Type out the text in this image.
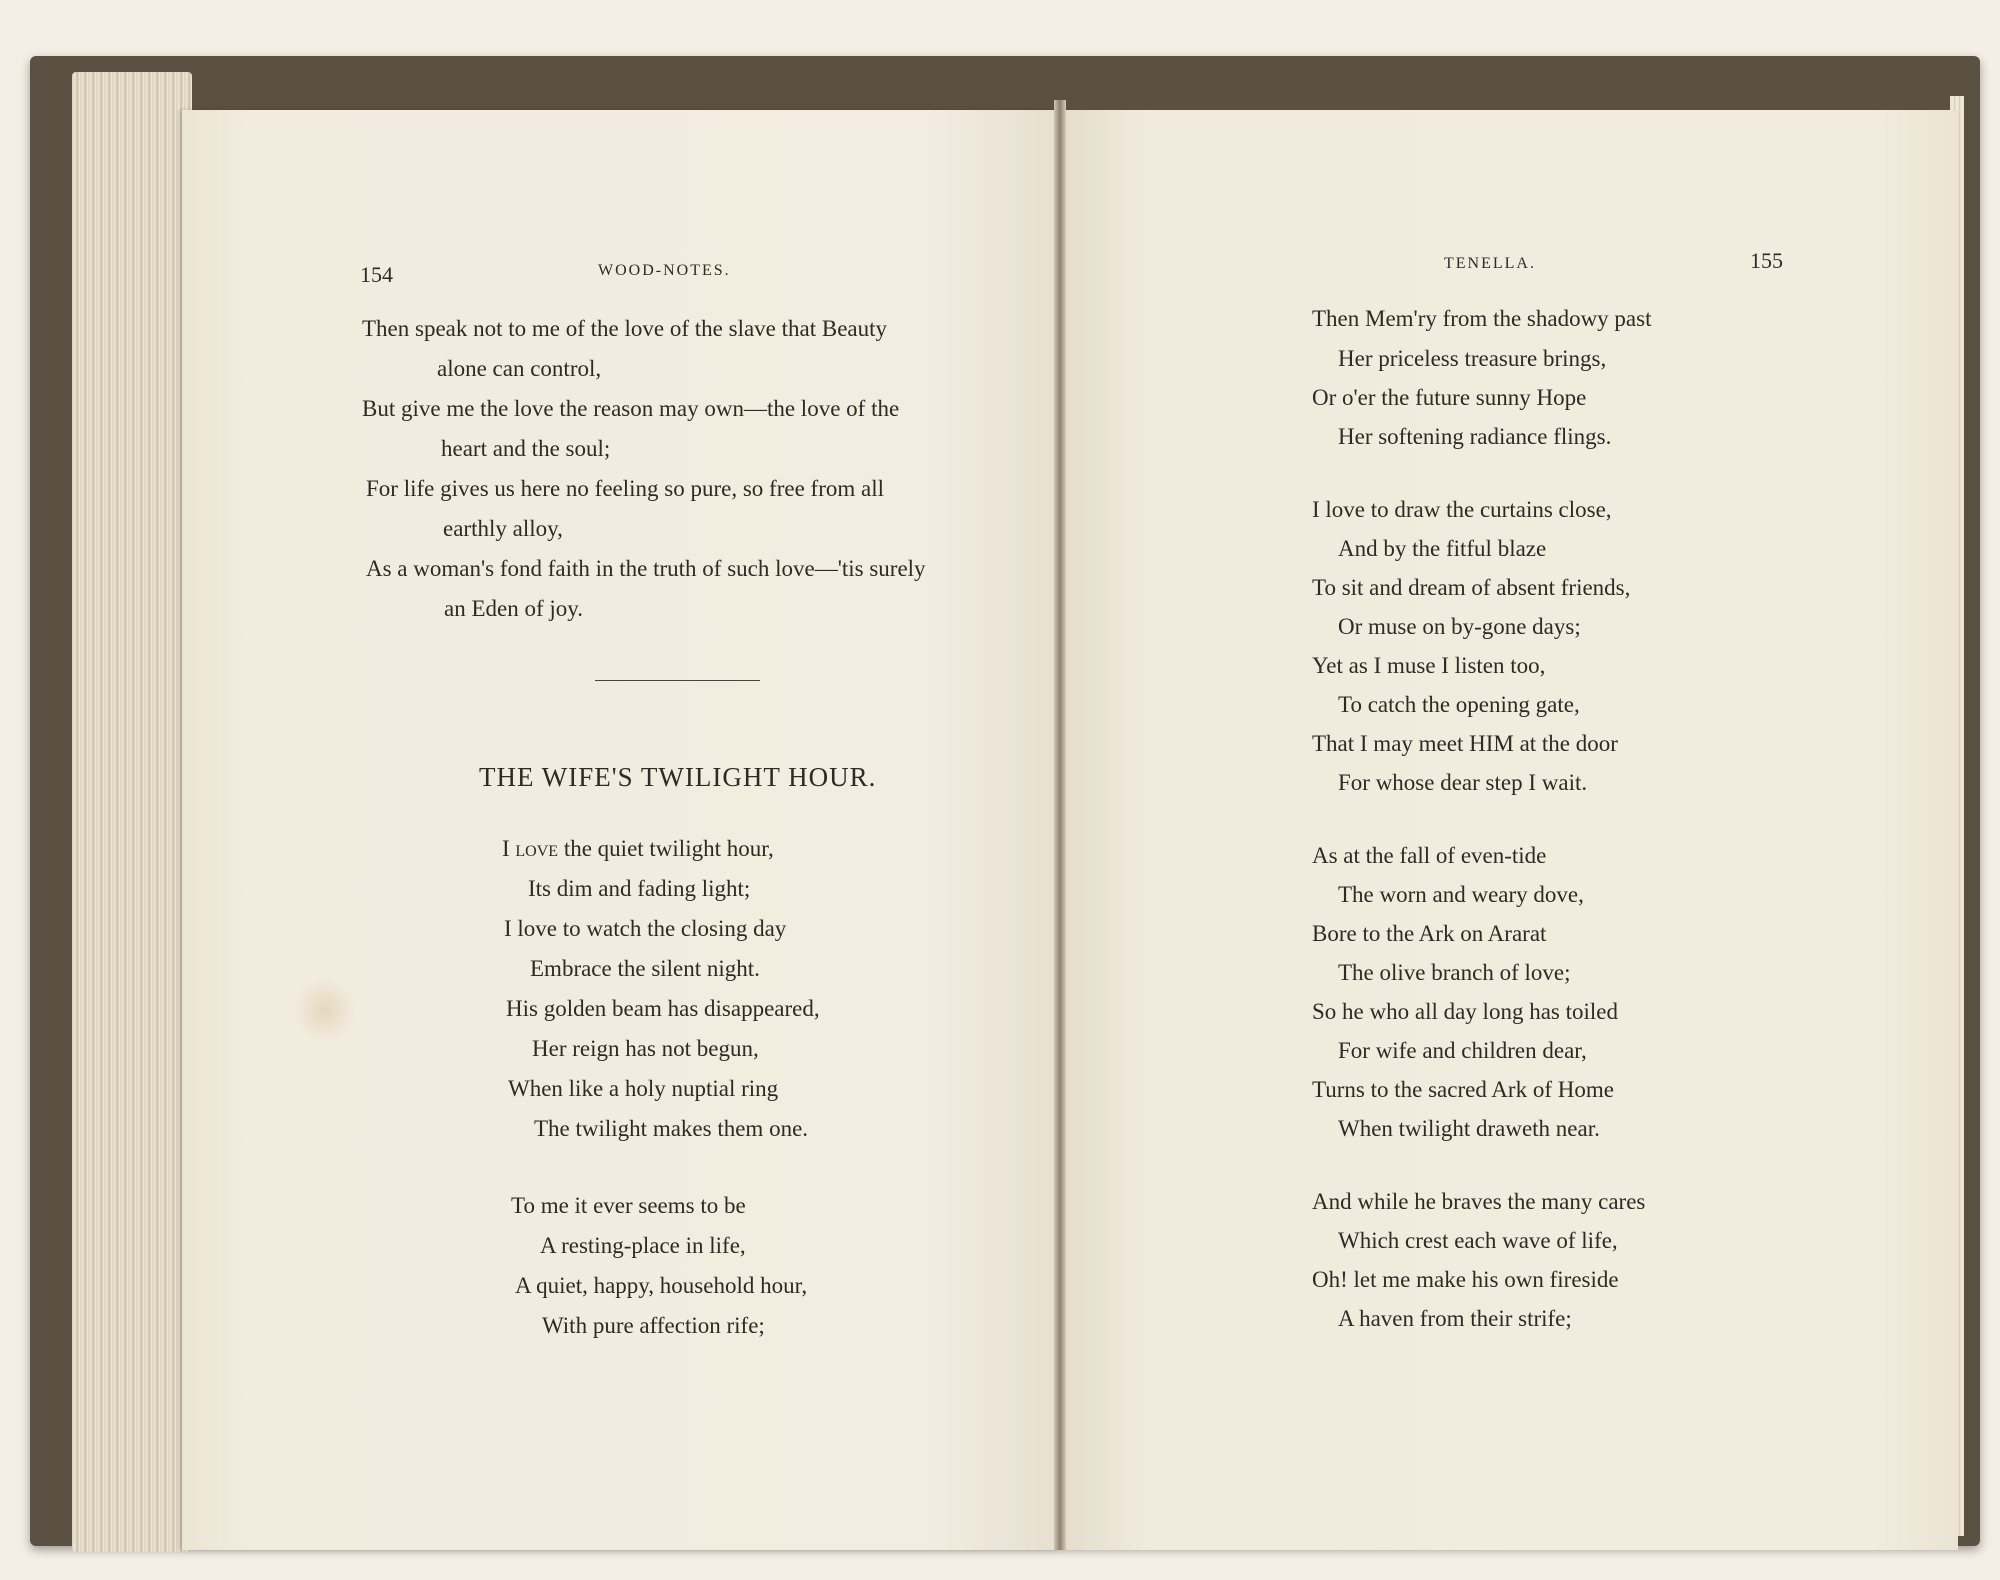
154	WOOD-NOTES.
Then speak not to me of the love of the slave that Beauty
alone can control,
But give me the love the reason may own—the love of the
heart and the soul;
For life gives us here no feeling so pure, so free from all
earthly alloy,
As a woman's fond faith in the truth of such love—'tis surely
an Eden of joy.
THE WIFE'S TWILIGHT HOUR.
I love the quiet twilight hour,
Its dim and fading light;
I love to watch the closing day
Embrace the silent night.
His golden beam has disappeared,
Her reign has not begun,
When like a holy nuptial ring
The twilight makes them one.
To me it ever seems to be
A resting-place in life,
A quiet, happy, household hour,
With pure affection rife;
TENELLA.	155
Then Mem'ry from the shadowy past
Her priceless treasure brings,
Or o'er the future sunny Hope
Her softening radiance flings.
I love to draw the curtains close,
And by the fitful blaze
To sit and dream of absent friends,
Or muse on by-gone days;
Yet as I muse I listen too,
To catch the opening gate,
That I may meet HIM at the door
For whose dear step I wait.
As at the fall of even-tide
The worn and weary dove,
Bore to the Ark on Ararat
The olive branch of love;
So he who all day long has toiled
For wife and children dear,
Turns to the sacred Ark of Home
When twilight draweth near.
And while he braves the many cares
Which crest each wave of life,
Oh! let me make his own fireside
A haven from their strife;
